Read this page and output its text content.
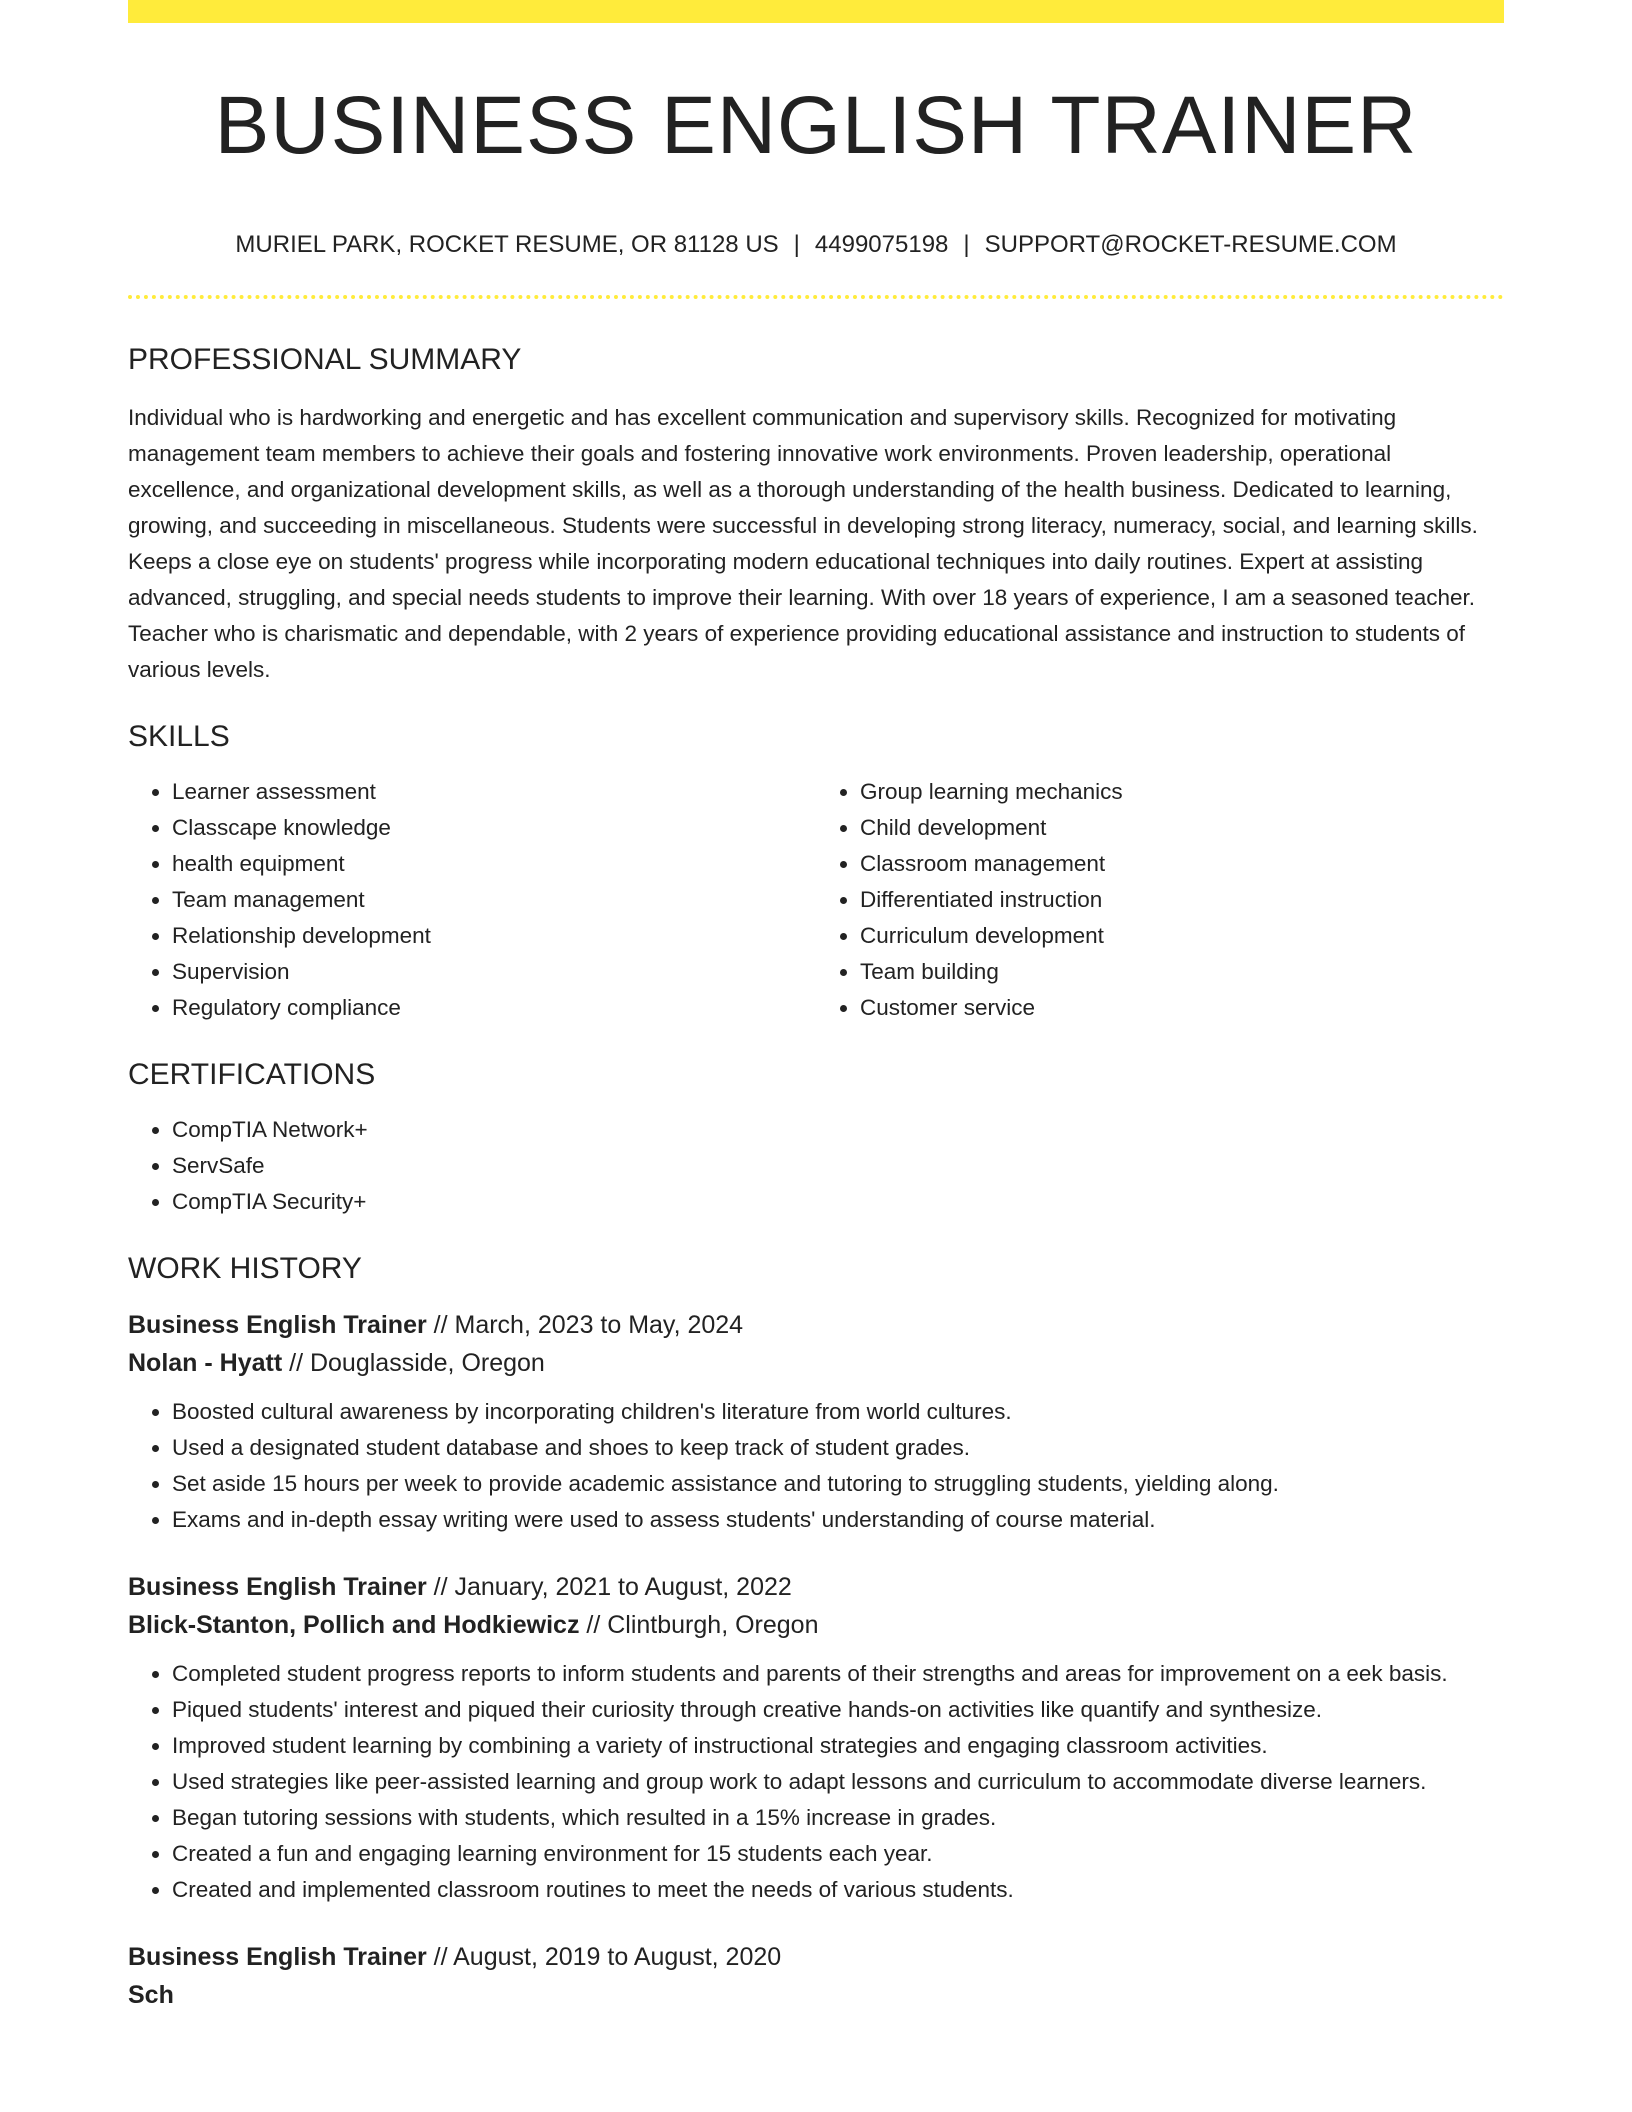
BUSINESS ENGLISH TRAINER
MURIEL PARK, ROCKET RESUME, OR 81128 US | 4499075198 | SUPPORT@ROCKET-RESUME.COM
PROFESSIONAL SUMMARY

Individual who is hardworking and energetic and has excellent communication and supervisory skills. Recognized for motivating management team members to achieve their goals and fostering innovative work environments. Proven leadership, operational excellence, and organizational development skills, as well as a thorough understanding of the health business. Dedicated to learning, growing, and succeeding in miscellaneous. Students were successful in developing strong literacy, numeracy, social, and learning skills. Keeps a close eye on students' progress while incorporating modern educational techniques into daily routines. Expert at assisting advanced, struggling, and special needs students to improve their learning. With over 18 years of experience, I am a seasoned teacher. Teacher who is charismatic and dependable, with 2 years of experience providing educational assistance and instruction to students of various levels.

SKILLS
• Learner assessment
• Classcape knowledge
• health equipment
• Team management
• Relationship development
• Supervision
• Regulatory compliance
• Group learning mechanics
• Child development
• Classroom management
• Differentiated instruction
• Curriculum development
• Team building
• Customer service
CERTIFICATIONS
• CompTIA Network+
• ServSafe
• CompTIA Security+
WORK HISTORY
Business English Trainer // March, 2023 to May, 2024
Nolan - Hyatt // Douglasside, Oregon
• Boosted cultural awareness by incorporating children's literature from world cultures.
• Used a designated student database and shoes to keep track of student grades.
• Set aside 15 hours per week to provide academic assistance and tutoring to struggling students, yielding along.
• Exams and in-depth essay writing were used to assess students' understanding of course material.
Business English Trainer // January, 2021 to August, 2022
Blick-Stanton, Pollich and Hodkiewicz // Clintburgh, Oregon
• Completed student progress reports to inform students and parents of their strengths and areas for improvement on a eek basis.
• Piqued students' interest and piqued their curiosity through creative hands-on activities like quantify and synthesize.
• Improved student learning by combining a variety of instructional strategies and engaging classroom activities.
• Used strategies like peer-assisted learning and group work to adapt lessons and curriculum to accommodate diverse learners.
• Began tutoring sessions with students, which resulted in a 15% increase in grades.
• Created a fun and engaging learning environment for 15 students each year.
• Created and implemented classroom routines to meet the needs of various students.
Business English Trainer // August, 2019 to August, 2020
Sch
